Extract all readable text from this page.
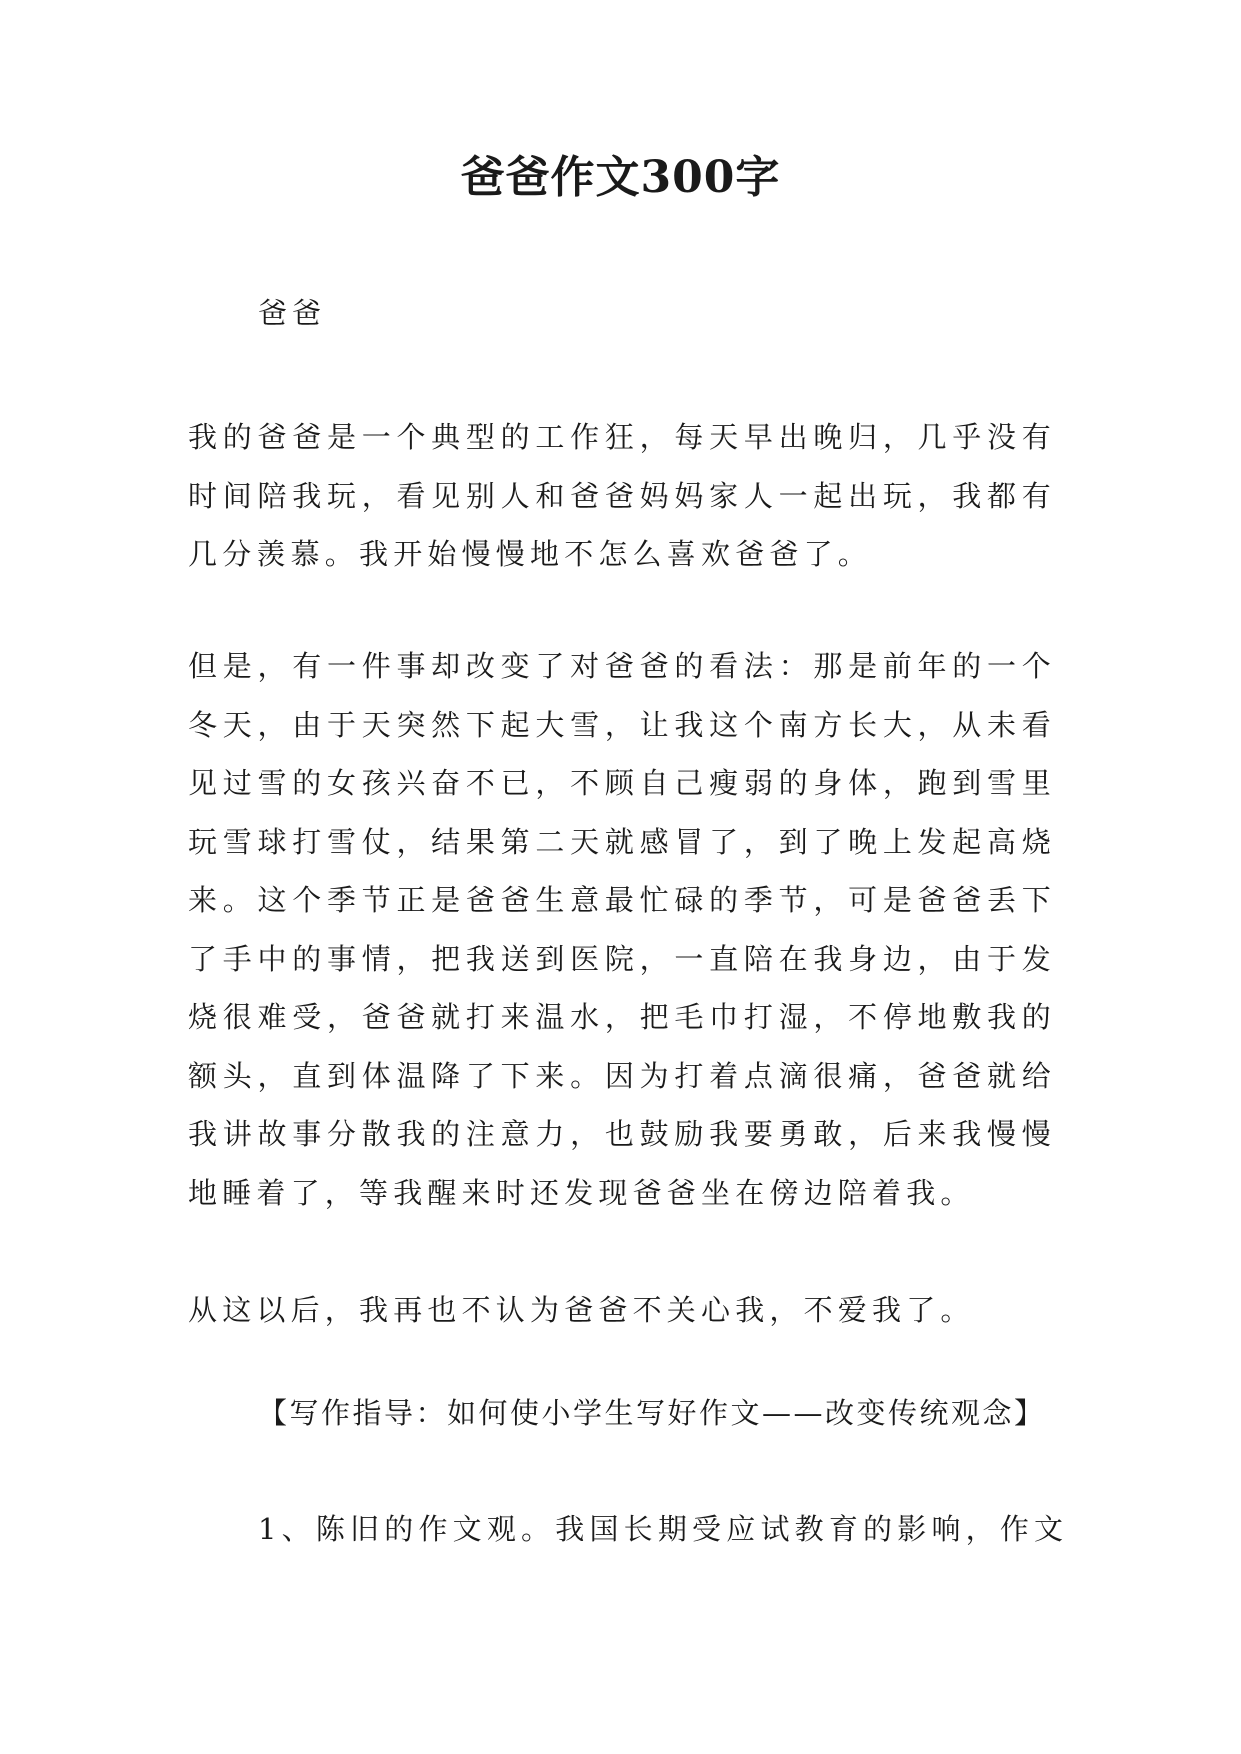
爸爸作文300字
爸爸

我的爸爸是一个典型的工作狂，每天早出晚归，几乎没有时间陪我玩，看见别人和爸爸妈妈家人一起出玩，我都有几分羡慕。我开始慢慢地不怎么喜欢爸爸了。

但是，有一件事却改变了对爸爸的看法：那是前年的一个冬天，由于天突然下起大雪，让我这个南方长大，从未看见过雪的女孩兴奋不已，不顾自己瘦弱的身体，跑到雪里玩雪球打雪仗，结果第二天就感冒了，到了晚上发起高烧来。这个季节正是爸爸生意最忙碌的季节，可是爸爸丢下了手中的事情，把我送到医院，一直陪在我身边，由于发烧很难受，爸爸就打来温水，把毛巾打湿，不停地敷我的额头，直到体温降了下来。因为打着点滴很痛，爸爸就给我讲故事分散我的注意力，也鼓励我要勇敢，后来我慢慢地睡着了，等我醒来时还发现爸爸坐在傍边陪着我。

从这以后，我再也不认为爸爸不关心我，不爱我了。

【写作指导：如何使小学生写好作文——改变传统观念】

1、陈旧的作文观。我国长期受应试教育的影响，作文
